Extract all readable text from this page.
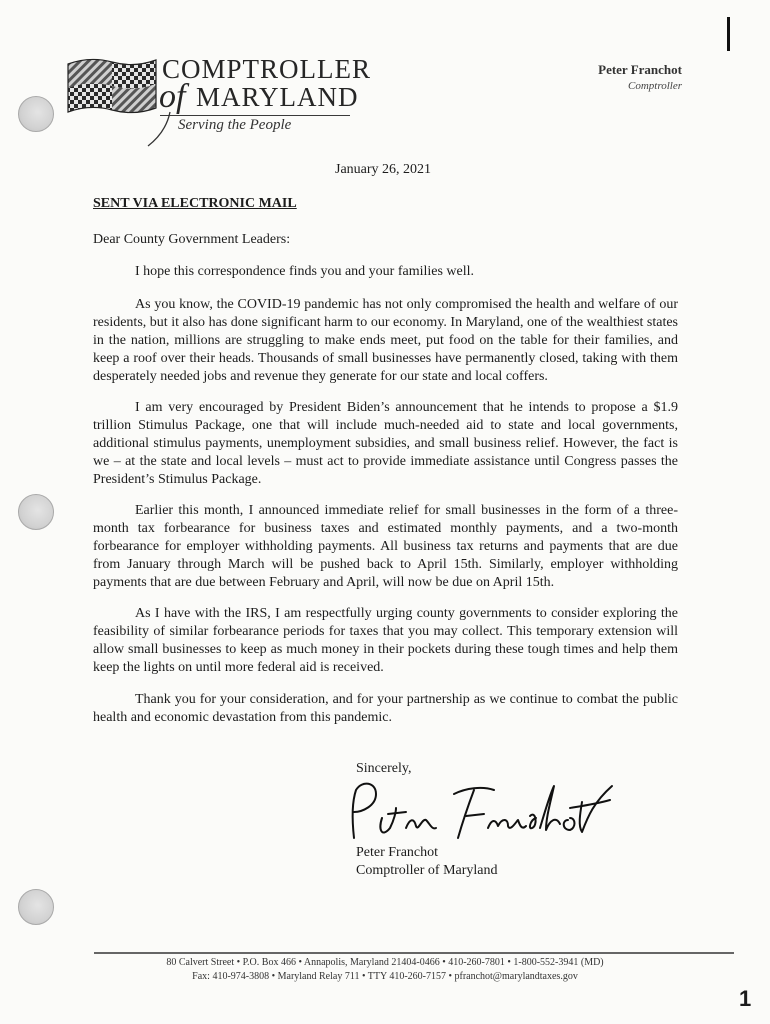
1
COMPTROLLER
of MARYLAND
Serving the People
Peter Franchot
Comptroller
January 26, 2021
SENT VIA ELECTRONIC MAIL
Dear County Government Leaders:

I hope this correspondence finds you and your families well.

As you know, the COVID-19 pandemic has not only compromised the health and welfare of our residents, but it also has done significant harm to our economy. In Maryland, one of the wealthiest states in the nation, millions are struggling to make ends meet, put food on the table for their families, and keep a roof over their heads. Thousands of small businesses have permanently closed, taking with them desperately needed jobs and revenue they generate for our state and local coffers.

I am very encouraged by President Biden’s announcement that he intends to propose a $1.9 trillion Stimulus Package, one that will include much-needed aid to state and local governments, additional stimulus payments, unemployment subsidies, and small business relief. However, the fact is we – at the state and local levels – must act to provide immediate assistance until Congress passes the President’s Stimulus Package.

Earlier this month, I announced immediate relief for small businesses in the form of a three-month tax forbearance for business taxes and estimated monthly payments, and a two-month forbearance for employer withholding payments. All business tax returns and payments that are due from January through March will be pushed back to April 15th. Similarly, employer withholding payments that are due between February and April, will now be due on April 15th.

As I have with the IRS, I am respectfully urging county governments to consider exploring the feasibility of similar forbearance periods for taxes that you may collect. This temporary extension will allow small businesses to keep as much money in their pockets during these tough times and help them keep the lights on until more federal aid is received.

Thank you for your consideration, and for your partnership as we continue to combat the public health and economic devastation from this pandemic.

Sincerely,
Peter Franchot
Comptroller of Maryland
80 Calvert Street • P.O. Box 466 • Annapolis, Maryland 21404-0466 • 410-260-7801 • 1-800-552-3941 (MD)
Fax: 410-974-3808 • Maryland Relay 711 • TTY 410-260-7157 • pfranchot@marylandtaxes.gov
